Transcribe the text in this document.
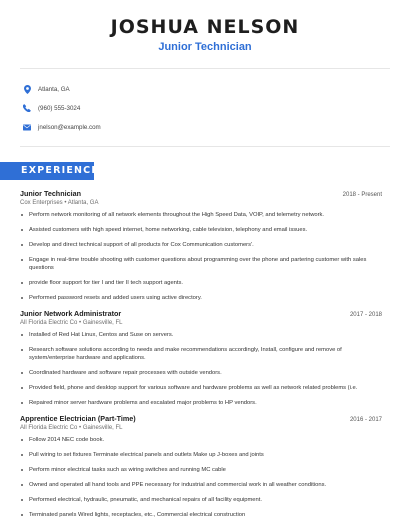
JOSHUA NELSON
Junior Technician
Atlanta, GA
(960) 555-3024
jnelson@example.com
EXPERIENCE
Junior Technician	2018 - Present
Cox Enterprises • Atlanta, GA
Perform network monitoring of all network elements throughout the High Speed Data, VOIP, and telemetry network.
Assisted customers with high speed internet, home networking, cable television, telephony and email issues.
Develop and direct technical support of all products for Cox Communication customers'.
Engage in real-time trouble shooting with customer questions about programming over the phone and partering customer with sales questions
provide floor support for tier I and tier II tech support agents.
Performed password resets and added users using active directory.
Junior Network Administrator	2017 - 2018
All Florida Electric Co • Gainesville, FL
Installed of Red Hat Linux, Centos and Suse on servers.
Research software solutions according to needs and make recommendations accordingly, Install, configure and remove of system/enterprise hardware and applications.
Coordinated hardware and software repair processes with outside vendors.
Provided field, phone and desktop support for various software and hardware problems as well as network related problems (i.e.
Repaired minor server hardware problems and escalated major problems to HP vendors.
Apprentice Electrician (Part-Time)	2016 - 2017
All Florida Electric Co • Gainesville, FL
Follow 2014 NEC code book.
Pull wiring to set fixtures Terminate electrical panels and outlets Make up J-boxes and joints
Perform minor electrical tasks such as wiring switches and running MC cable
Owned and operated all hand tools and PPE necessary for industrial and commercial work in all weather conditions.
Performed electrical, hydraulic, pneumatic, and mechanical repairs of all facility equipment.
Terminated panels Wired lights, receptacles, etc., Commercial electrical construction
